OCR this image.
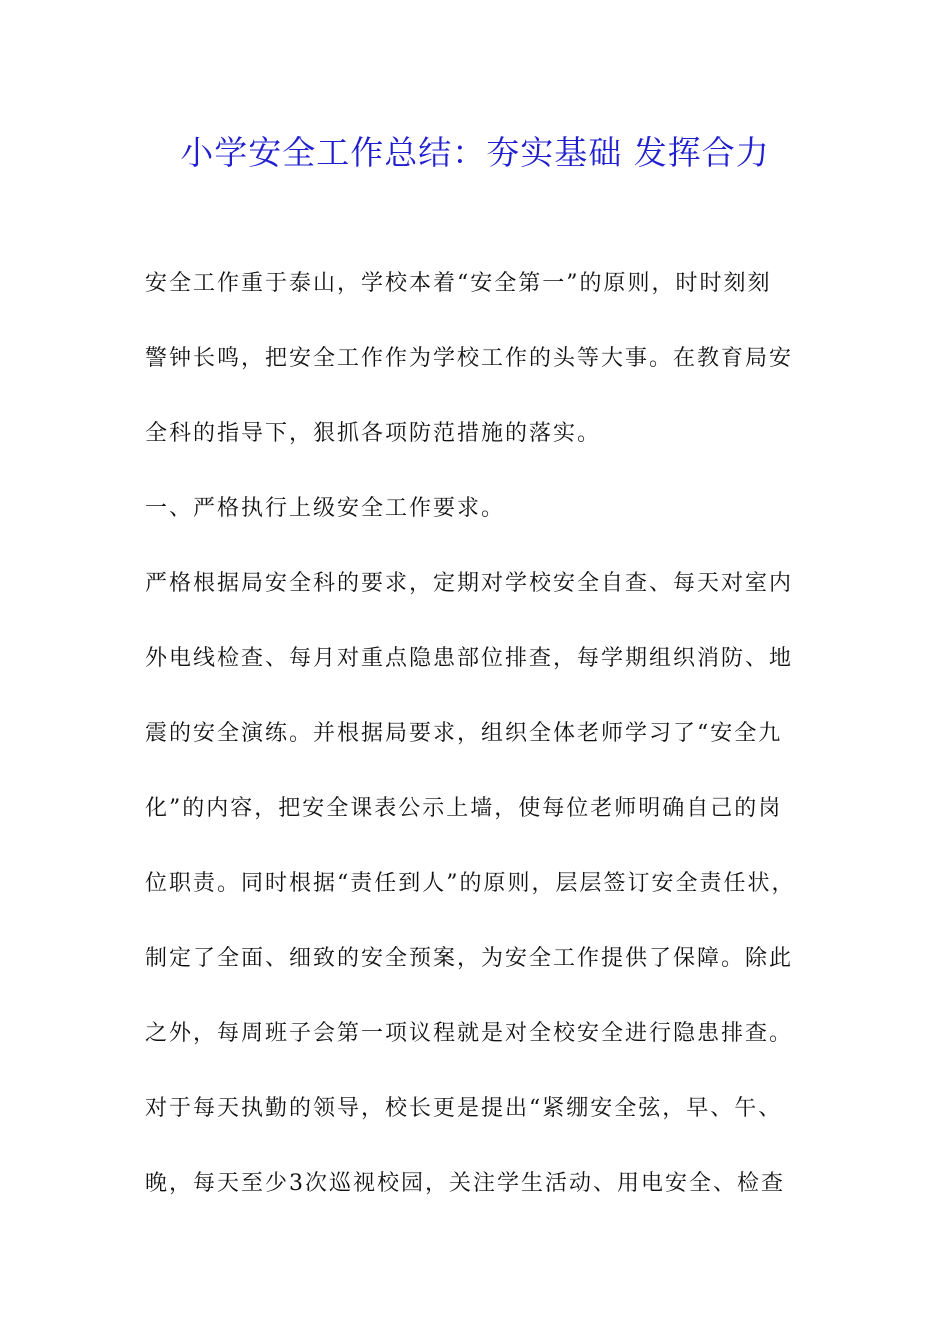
小学安全工作总结：夯实基础 发挥合力
安全工作重于泰山，学校本着“安全第一”的原则，时时刻刻
警钟长鸣，把安全工作作为学校工作的头等大事。在教育局安
全科的指导下，狠抓各项防范措施的落实。
一、严格执行上级安全工作要求。
严格根据局安全科的要求，定期对学校安全自查、每天对室内
外电线检查、每月对重点隐患部位排查，每学期组织消防、地
震的安全演练。并根据局要求，组织全体老师学习了“安全九
化”的内容，把安全课表公示上墙，使每位老师明确自己的岗
位职责。同时根据“责任到人”的原则，层层签订安全责任状，
制定了全面、细致的安全预案，为安全工作提供了保障。除此
之外，每周班子会第一项议程就是对全校安全进行隐患排查。
对于每天执勤的领导，校长更是提出“紧绷安全弦，早、午、
晚，每天至少3次巡视校园，关注学生活动、用电安全、检查
